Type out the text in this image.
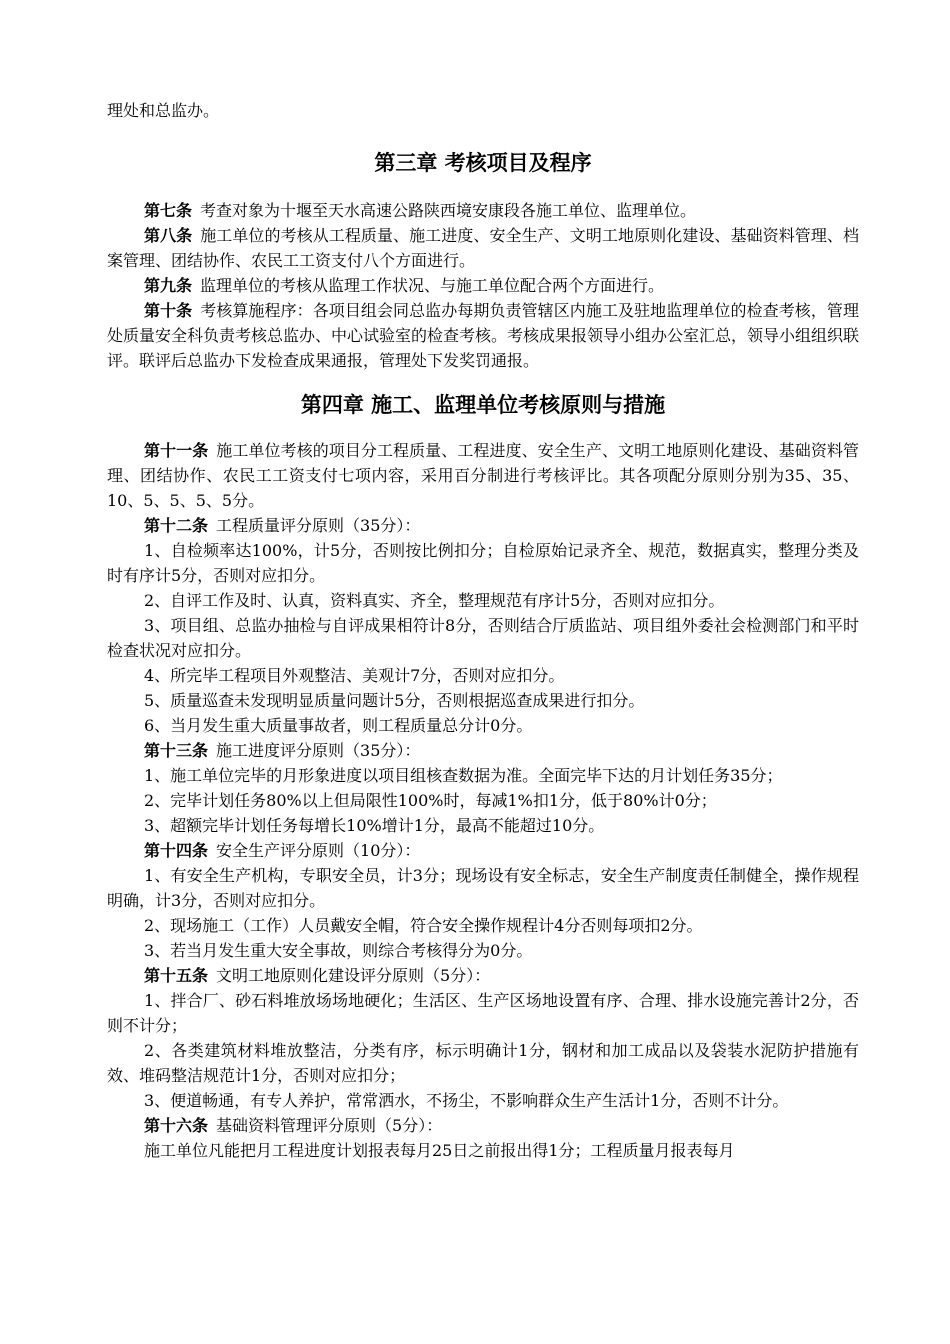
理处和总监办。

第三章 考核项目及程序

第七条 考查对象为十堰至天水高速公路陕西境安康段各施工单位、监理单位。

第八条 施工单位的考核从工程质量、施工进度、安全生产、文明工地原则化建设、基础资料管理、档案管理、团结协作、农民工工资支付八个方面进行。

第九条 监理单位的考核从监理工作状况、与施工单位配合两个方面进行。

第十条 考核算施程序：各项目组会同总监办每期负责管辖区内施工及驻地监理单位的检查考核，管理处质量安全科负责考核总监办、中心试验室的检查考核。考核成果报领导小组办公室汇总，领导小组组织联评。联评后总监办下发检查成果通报，管理处下发奖罚通报。

第四章 施工、监理单位考核原则与措施

第十一条 施工单位考核的项目分工程质量、工程进度、安全生产、文明工地原则化建设、基础资料管理、团结协作、农民工工资支付七项内容，采用百分制进行考核评比。其各项配分原则分别为35、35、10、5、5、5、5分。

第十二条 工程质量评分原则（35分）：

1、自检频率达100%，计5分，否则按比例扣分；自检原始记录齐全、规范，数据真实，整理分类及时有序计5分，否则对应扣分。

2、自评工作及时、认真，资料真实、齐全，整理规范有序计5分，否则对应扣分。

3、项目组、总监办抽检与自评成果相符计8分，否则结合厅质监站、项目组外委社会检测部门和平时检查状况对应扣分。

4、所完毕工程项目外观整洁、美观计7分，否则对应扣分。

5、质量巡查未发现明显质量问题计5分，否则根据巡查成果进行扣分。

6、当月发生重大质量事故者，则工程质量总分计0分。

第十三条 施工进度评分原则（35分）：

1、施工单位完毕的月形象进度以项目组核查数据为准。全面完毕下达的月计划任务35分；

2、完毕计划任务80%以上但局限性100%时，每减1%扣1分，低于80%计0分；

3、超额完毕计划任务每增长10%增计1分，最高不能超过10分。

第十四条 安全生产评分原则（10分）：

1、有安全生产机构，专职安全员，计3分；现场设有安全标志，安全生产制度责任制健全，操作规程明确，计3分，否则对应扣分。

2、现场施工（工作）人员戴安全帽，符合安全操作规程计4分否则每项扣2分。

3、若当月发生重大安全事故，则综合考核得分为0分。

第十五条 文明工地原则化建设评分原则（5分）：

1、拌合厂、砂石料堆放场场地硬化；生活区、生产区场地设置有序、合理、排水设施完善计2分，否则不计分；

2、各类建筑材料堆放整洁，分类有序，标示明确计1分，钢材和加工成品以及袋装水泥防护措施有效、堆码整洁规范计1分，否则对应扣分；

3、便道畅通，有专人养护，常常洒水，不扬尘，不影响群众生产生活计1分，否则不计分。

第十六条 基础资料管理评分原则（5分）：

施工单位凡能把月工程进度计划报表每月25日之前报出得1分；工程质量月报表每月
